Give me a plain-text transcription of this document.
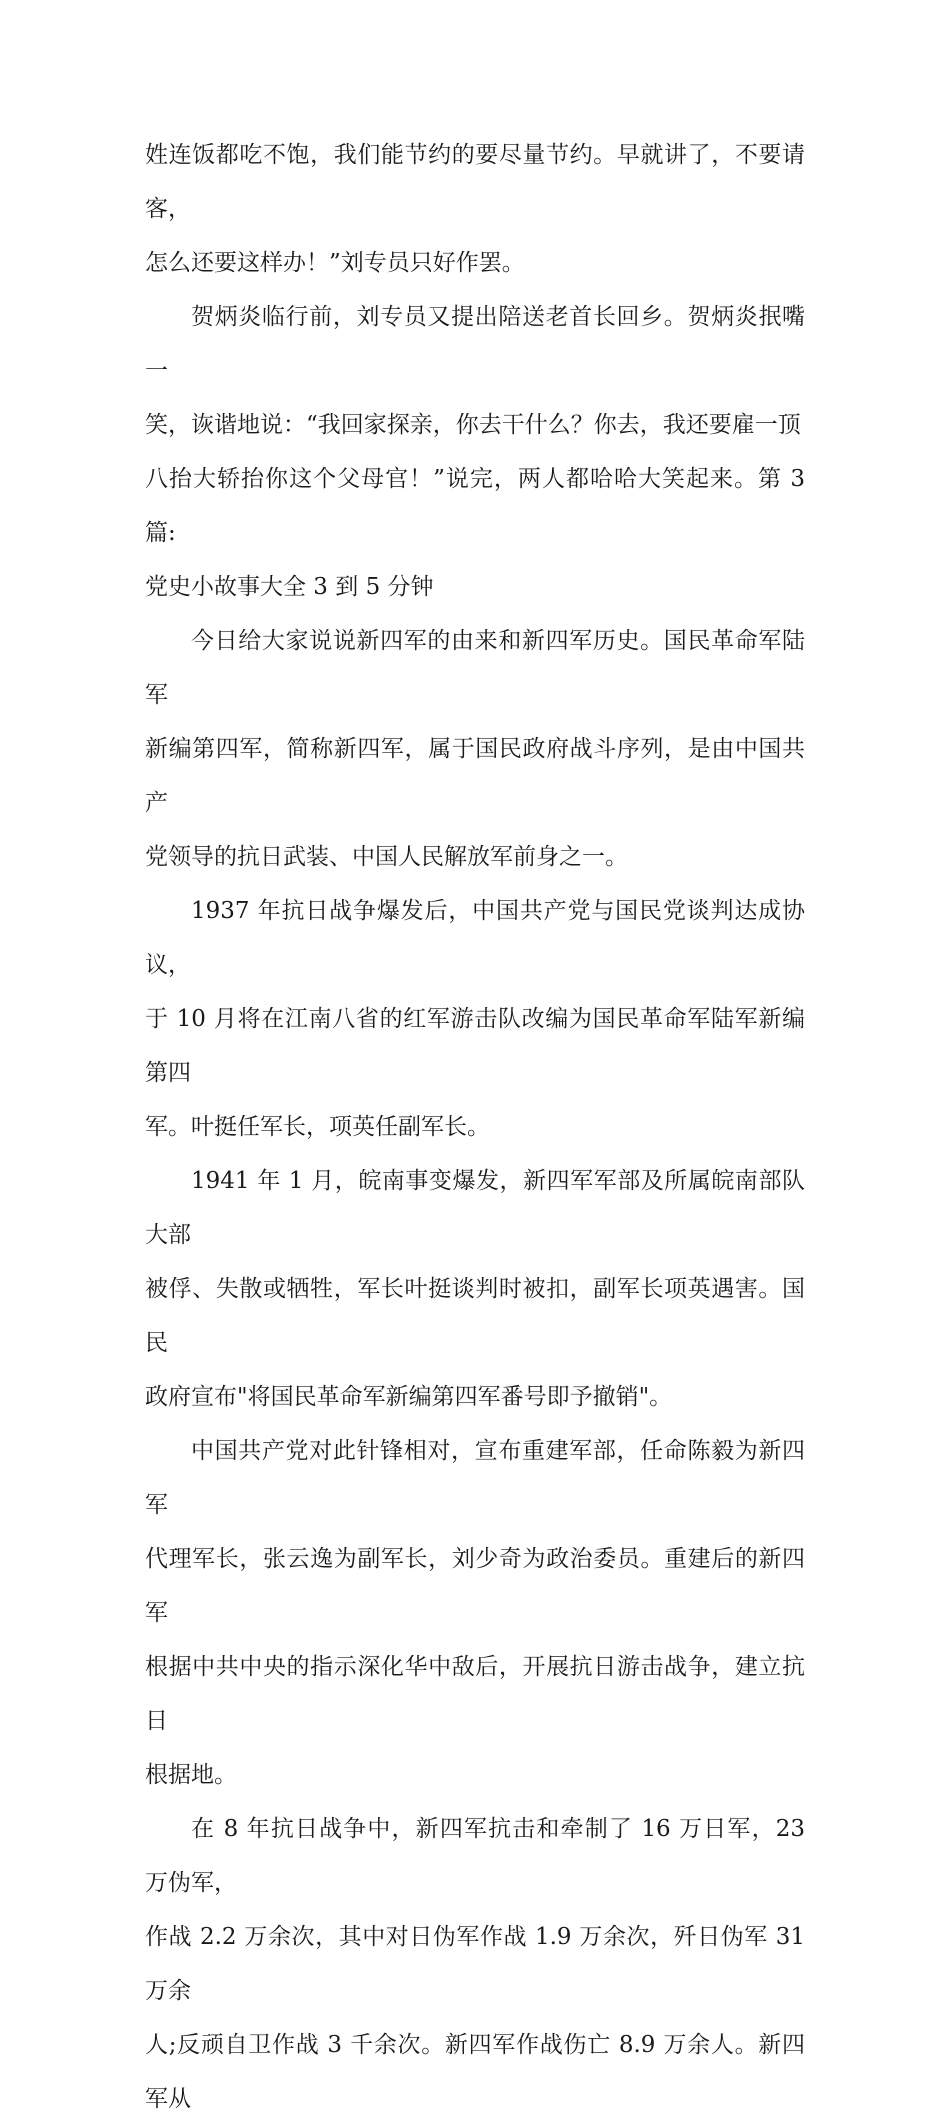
姓连饭都吃不饱，我们能节约的要尽量节约。早就讲了，不要请客，
怎么还要这样办！”刘专员只好作罢。

贺炳炎临行前，刘专员又提出陪送老首长回乡。贺炳炎抿嘴一
笑，诙谐地说：“我回家探亲，你去干什么？你去，我还要雇一顶
八抬大轿抬你这个父母官！”说完，两人都哈哈大笑起来。第 3 篇:
党史小故事大全 3 到 5 分钟

今日给大家说说新四军的由来和新四军历史。国民革命军陆军
新编第四军，简称新四军，属于国民政府战斗序列，是由中国共产
党领导的抗日武装、中国人民解放军前身之一。

1937 年抗日战争爆发后，中国共产党与国民党谈判达成协议，
于 10 月将在江南八省的红军游击队改编为国民革命军陆军新编第四
军。叶挺任军长，项英任副军长。

1941 年 1 月，皖南事变爆发，新四军军部及所属皖南部队大部
被俘、失散或牺牲，军长叶挺谈判时被扣，副军长项英遇害。国民
政府宣布"将国民革命军新编第四军番号即予撤销"。

中国共产党对此针锋相对，宣布重建军部，任命陈毅为新四军
代理军长，张云逸为副军长，刘少奇为政治委员。重建后的新四军
根据中共中央的指示深化华中敌后，开展抗日游击战争，建立抗日
根据地。

在 8 年抗日战争中，新四军抗击和牵制了 16 万日军，23 万伪军，
作战 2.2 万余次，其中对日伪军作战 1.9 万余次，歼日伪军 31 万余
人;反顽自卫作战 3 千余次。新四军作战伤亡 8.9 万余人。新四军从
